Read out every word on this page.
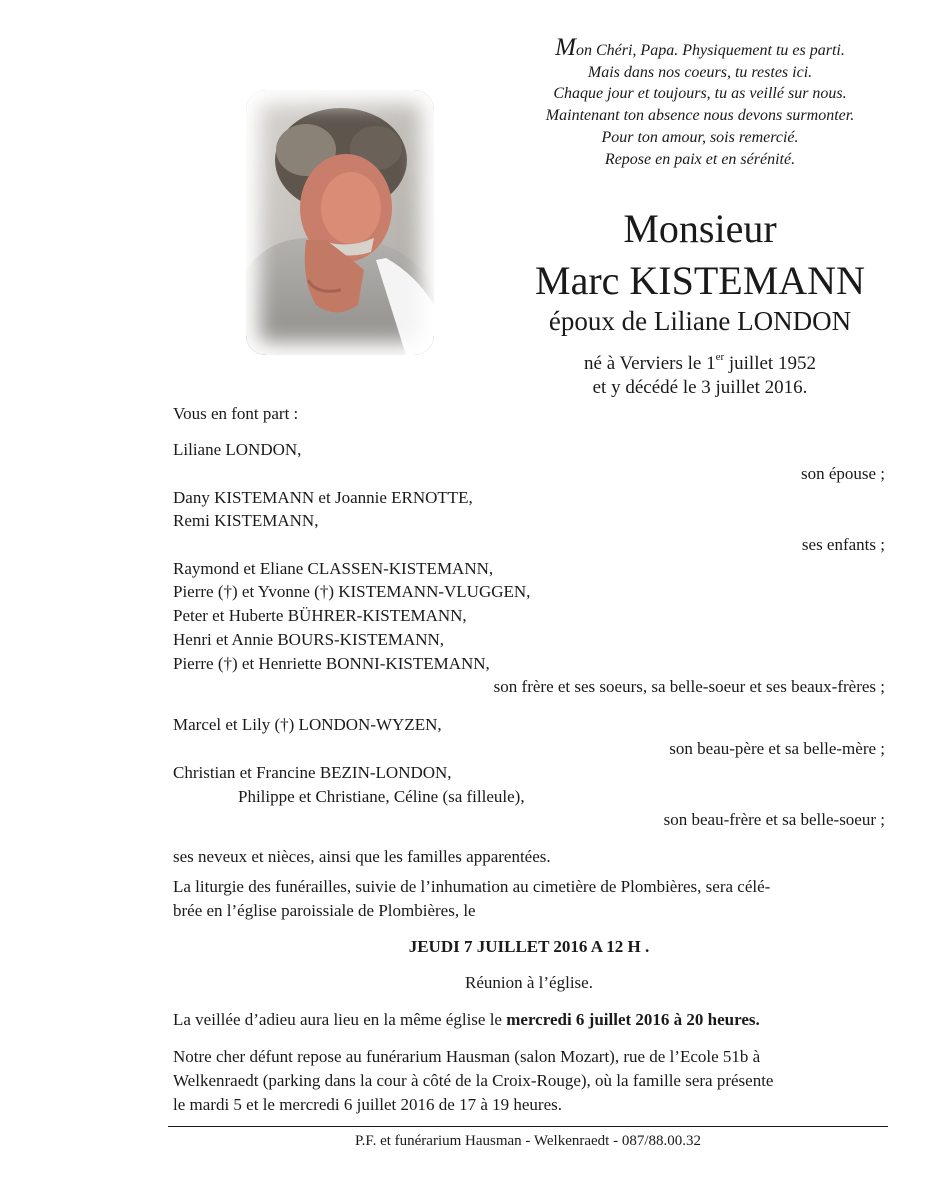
Mon Chéri, Papa. Physiquement tu es parti.
Mais dans nos coeurs, tu restes ici.
Chaque jour et toujours, tu as veillé sur nous.
Maintenant ton absence nous devons surmonter.
Pour ton amour, sois remercié.
Repose en paix et en sérénité.
Monsieur
Marc KISTEMANN
époux de Liliane LONDON
né à Verviers le 1er juillet 1952
et y décédé le 3 juillet 2016.
Vous en font part :
Liliane LONDON,
son épouse ;
Dany KISTEMANN et Joannie ERNOTTE,
Remi KISTEMANN,
ses enfants ;
Raymond et Eliane CLASSEN-KISTEMANN,
Pierre (†) et Yvonne (†) KISTEMANN-VLUGGEN,
Peter et Huberte BÜHRER-KISTEMANN,
Henri et Annie BOURS-KISTEMANN,
Pierre (†) et Henriette BONNI-KISTEMANN,
son frère et ses soeurs, sa belle-soeur et ses beaux-frères ;
Marcel et Lily (†) LONDON-WYZEN,
son beau-père et sa belle-mère ;
Christian et Francine BEZIN-LONDON,
Philippe et Christiane, Céline (sa filleule),
son beau-frère et sa belle-soeur ;
ses neveux et nièces, ainsi que les familles apparentées.
La liturgie des funérailles, suivie de l’inhumation au cimetière de Plombières, sera célé-
brée en l’église paroissiale de Plombières, le
JEUDI 7 JUILLET 2016 A 12 H .
Réunion à l’église.
La veillée d’adieu aura lieu en la même église le mercredi 6 juillet 2016 à 20 heures.
Notre cher défunt repose au funérarium Hausman (salon Mozart), rue de l’Ecole 51b à
Welkenraedt (parking dans la cour à côté de la Croix-Rouge), où la famille sera présente
le mardi 5 et le mercredi 6 juillet 2016 de 17 à 19 heures.
P.F. et funérarium Hausman - Welkenraedt - 087/88.00.32
